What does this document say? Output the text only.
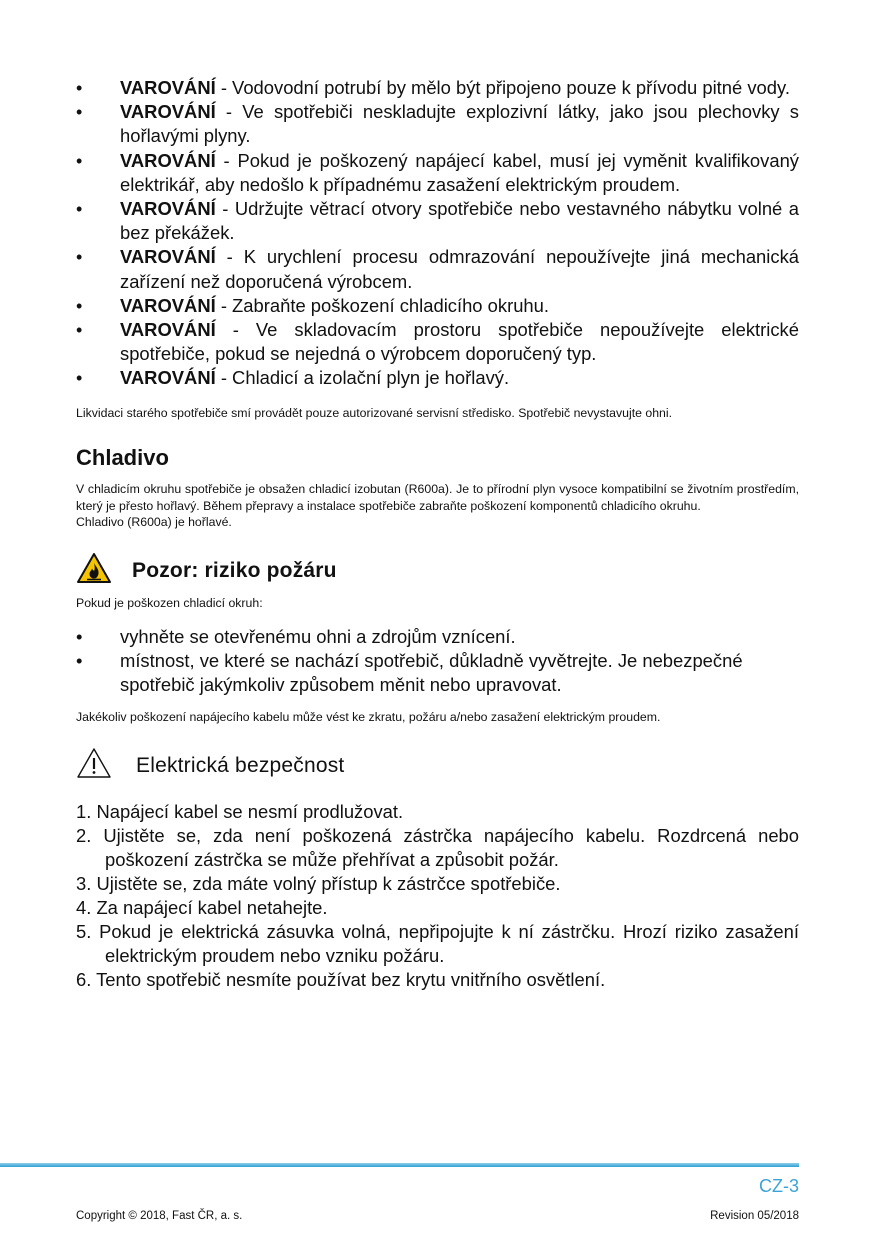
• VAROVÁNÍ - Vodovodní potrubí by mělo být připojeno pouze k přívodu pitné vody.
• VAROVÁNÍ - Ve spotřebiči neskladujte explozivní látky, jako jsou plechovky s hořlavými plyny.
• VAROVÁNÍ - Pokud je poškozený napájecí kabel, musí jej vyměnit kvalifikovaný elektrikář, aby nedošlo k případnému zasažení elektrickým proudem.
• VAROVÁNÍ - Udržujte větrací otvory spotřebiče nebo vestavného nábytku volné a bez překážek.
• VAROVÁNÍ - K urychlení procesu odmrazování nepoužívejte jiná mechanická zařízení než doporučená výrobcem.
• VAROVÁNÍ - Zabraňte poškození chladicího okruhu.
• VAROVÁNÍ - Ve skladovacím prostoru spotřebiče nepoužívejte elektrické spotřebiče, pokud se nejedná o výrobcem doporučený typ.
• VAROVÁNÍ - Chladicí a izolační plyn je hořlavý.

Likvidaci starého spotřebiče smí provádět pouze autorizované servisní středisko. Spotřebič nevystavujte ohni.

Chladivo

V chladicím okruhu spotřebiče je obsažen chladicí izobutan (R600a). Je to přírodní plyn vysoce kompatibilní se životním prostředím, který je přesto hořlavý. Během přepravy a instalace spotřebiče zabraňte poškození komponentů chladicího okruhu.

Chladivo (R600a) je hořlavé.

Pozor: riziko požáru

Pokud je poškozen chladicí okruh:

• vyhněte se otevřenému ohni a zdrojům vznícení.
• místnost, ve které se nachází spotřebič, důkladně vyvětrejte. Je nebezpečné spotřebič jakýmkoliv způsobem měnit nebo upravovat.

Jakékoliv poškození napájecího kabelu může vést ke zkratu, požáru a/nebo zasažení elektrickým proudem.

Elektrická bezpečnost
1. Napájecí kabel se nesmí prodlužovat.
2. Ujistěte se, zda není poškozená zástrčka napájecího kabelu. Rozdrcená nebo poškození zástrčka se může přehřívat a způsobit požár.
3. Ujistěte se, zda máte volný přístup k zástrčce spotřebiče.
4. Za napájecí kabel netahejte.
5. Pokud je elektrická zásuvka volná, nepřipojujte k ní zástrčku. Hrozí riziko zasažení elektrickým proudem nebo vzniku požáru.
6. Tento spotřebič nesmíte používat bez krytu vnitřního osvětlení.
CZ-3
Copyright © 2018, Fast ČR, a. s.	Revision 05/2018
